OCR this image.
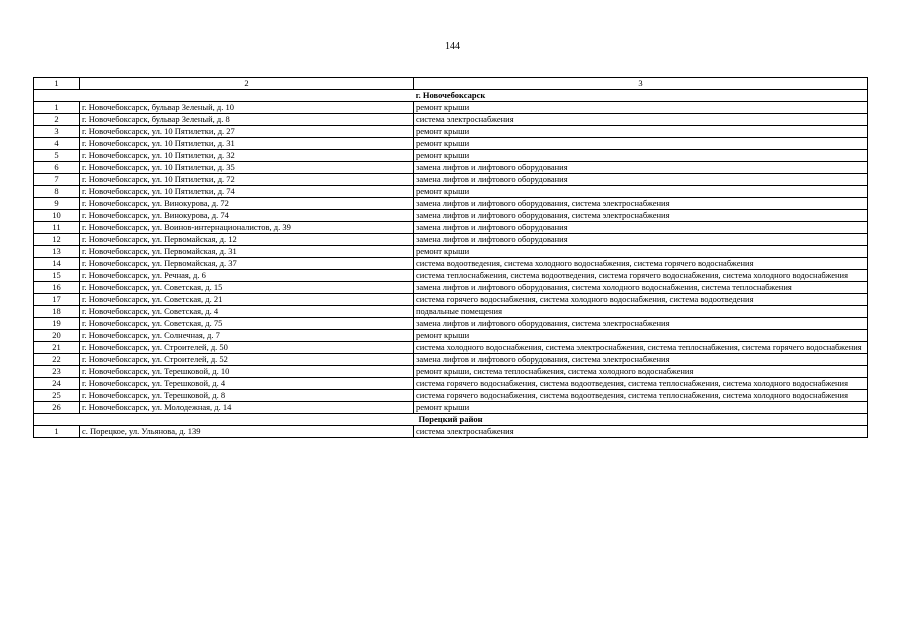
144
1	2	3
г. Новочебоксарск		
1	г. Новочебоксарск, бульвар Зеленый, д. 10	ремонт крыши
2	г. Новочебоксарск, бульвар Зеленый, д. 8	система электроснабжения
3	г. Новочебоксарск, ул. 10 Пятилетки, д. 27	ремонт крыши
4	г. Новочебоксарск, ул. 10 Пятилетки, д. 31	ремонт крыши
5	г. Новочебоксарск, ул. 10 Пятилетки, д. 32	ремонт крыши
6	г. Новочебоксарск, ул. 10 Пятилетки, д. 35	замена лифтов и лифтового оборудования
7	г. Новочебоксарск, ул. 10 Пятилетки, д. 72	замена лифтов и лифтового оборудования
8	г. Новочебоксарск, ул. 10 Пятилетки, д. 74	ремонт крыши
9	г. Новочебоксарск, ул. Винокурова, д. 72	замена лифтов и лифтового оборудования, система электроснабжения
10	г. Новочебоксарск, ул. Винокурова, д. 74	замена лифтов и лифтового оборудования, система электроснабжения
11	г. Новочебоксарск, ул. Воинов-интернационалистов, д. 39	замена лифтов и лифтового оборудования
12	г. Новочебоксарск, ул. Первомайская, д. 12	замена лифтов и лифтового оборудования
13	г. Новочебоксарск, ул. Первомайская, д. 31	ремонт крыши
14	г. Новочебоксарск, ул. Первомайская, д. 37	система водоотведения, система холодного водоснабжения, система горячего водоснабжения
15	г. Новочебоксарск, ул. Речная, д. 6	система теплоснабжения, система водоотведения, система горячего водоснабжения, система холодного водоснабжения
16	г. Новочебоксарск, ул. Советская, д. 15	замена лифтов и лифтового оборудования, система холодного водоснабжения, система теплоснабжения
17	г. Новочебоксарск, ул. Советская, д. 21	система горячего водоснабжения, система холодного водоснабжения, система водоотведения
18	г. Новочебоксарск, ул. Советская, д. 4	подвальные помещения
19	г. Новочебоксарск, ул. Советская, д. 75	замена лифтов и лифтового оборудования, система электроснабжения
20	г. Новочебоксарск, ул. Солнечная, д. 7	ремонт крыши
21	г. Новочебоксарск, ул. Строителей, д. 50	система холодного водоснабжения, система электроснабжения, система теплоснабжения, система горячего водоснабжения
22	г. Новочебоксарск, ул. Строителей, д. 52	замена лифтов и лифтового оборудования, система электроснабжения
23	г. Новочебоксарск, ул. Терешковой, д. 10	ремонт крыши, система теплоснабжения, система холодного водоснабжения
24	г. Новочебоксарск, ул. Терешковой, д. 4	система горячего водоснабжения, система водоотведения, система теплоснабжения, система холодного водоснабжения
25	г. Новочебоксарск, ул. Терешковой, д. 8	система горячего водоснабжения, система водоотведения, система теплоснабжения, система холодного водоснабжения
26	г. Новочебоксарск, ул. Молодежная, д. 14	ремонт крыши
Порецкий район		
1	с. Порецкое, ул. Ульянова, д. 139	система электроснабжения
